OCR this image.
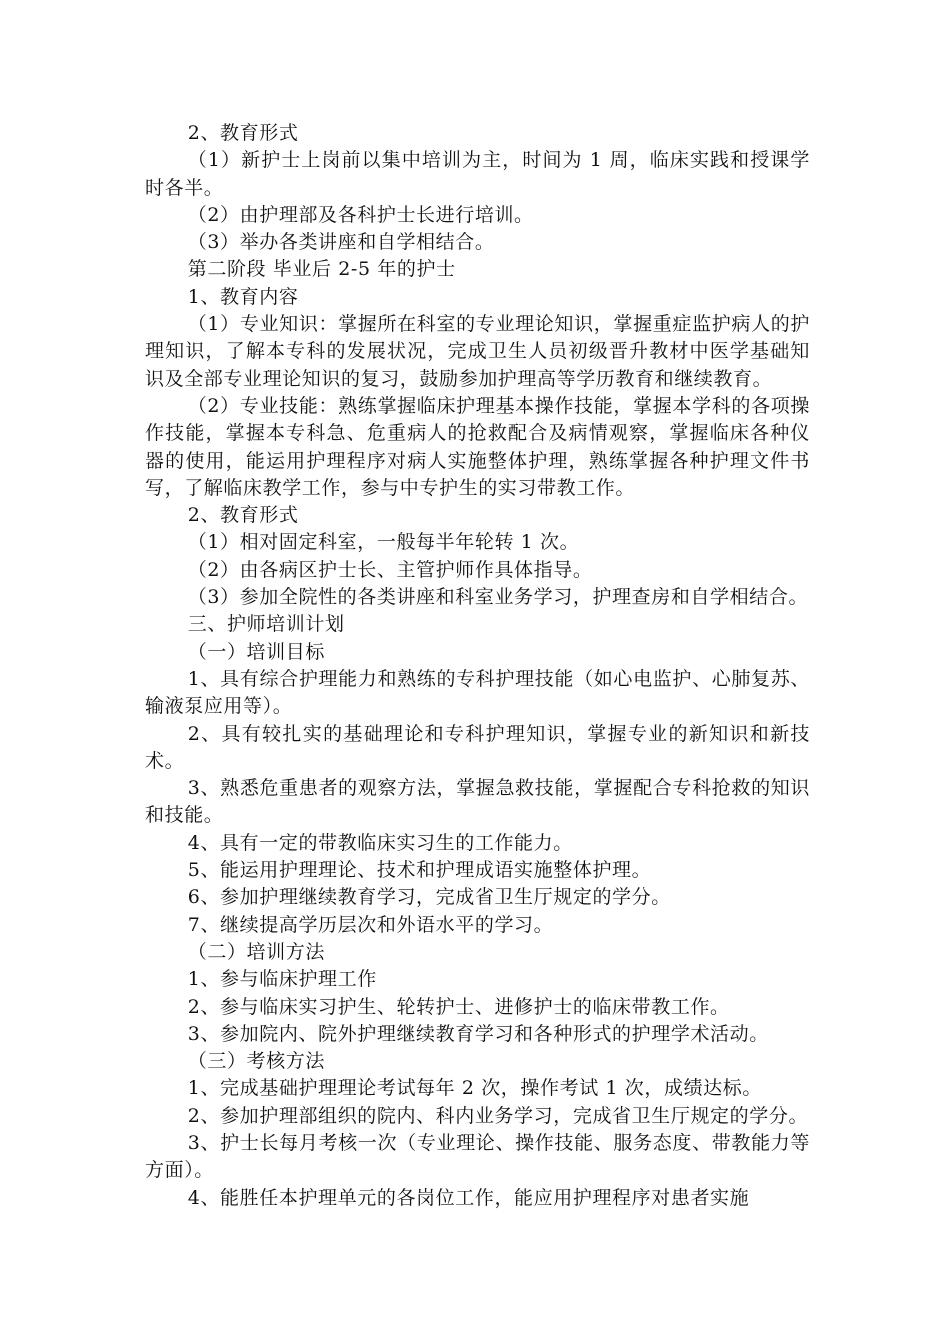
2、教育形式

（1）新护士上岗前以集中培训为主，时间为 1 周，临床实践和授课学时各半。

（2）由护理部及各科护士长进行培训。

（3）举办各类讲座和自学相结合。

第二阶段 毕业后 2-5 年的护士

1、教育内容

（1）专业知识：掌握所在科室的专业理论知识，掌握重症监护病人的护理知识，了解本专科的发展状况，完成卫生人员初级晋升教材中医学基础知识及全部专业理论知识的复习，鼓励参加护理高等学历教育和继续教育。

（2）专业技能：熟练掌握临床护理基本操作技能，掌握本学科的各项操作技能，掌握本专科急、危重病人的抢救配合及病情观察，掌握临床各种仪器的使用，能运用护理程序对病人实施整体护理，熟练掌握各种护理文件书写，了解临床教学工作，参与中专护生的实习带教工作。

2、教育形式

（1）相对固定科室，一般每半年轮转 1 次。

（2）由各病区护士长、主管护师作具体指导。

（3）参加全院性的各类讲座和科室业务学习，护理查房和自学相结合。

三、护师培训计划

（一）培训目标

1、具有综合护理能力和熟练的专科护理技能（如心电监护、心肺复苏、输液泵应用等）。

2、具有较扎实的基础理论和专科护理知识，掌握专业的新知识和新技术。

3、熟悉危重患者的观察方法，掌握急救技能，掌握配合专科抢救的知识和技能。

4、具有一定的带教临床实习生的工作能力。

5、能运用护理理论、技术和护理成语实施整体护理。

6、参加护理继续教育学习，完成省卫生厅规定的学分。

7、继续提高学历层次和外语水平的学习。

（二）培训方法

1、参与临床护理工作

2、参与临床实习护生、轮转护士、进修护士的临床带教工作。

3、参加院内、院外护理继续教育学习和各种形式的护理学术活动。

（三）考核方法

1、完成基础护理理论考试每年 2 次，操作考试 1 次，成绩达标。

2、参加护理部组织的院内、科内业务学习，完成省卫生厅规定的学分。

3、护士长每月考核一次（专业理论、操作技能、服务态度、带教能力等方面）。

4、能胜任本护理单元的各岗位工作，能应用护理程序对患者实施
